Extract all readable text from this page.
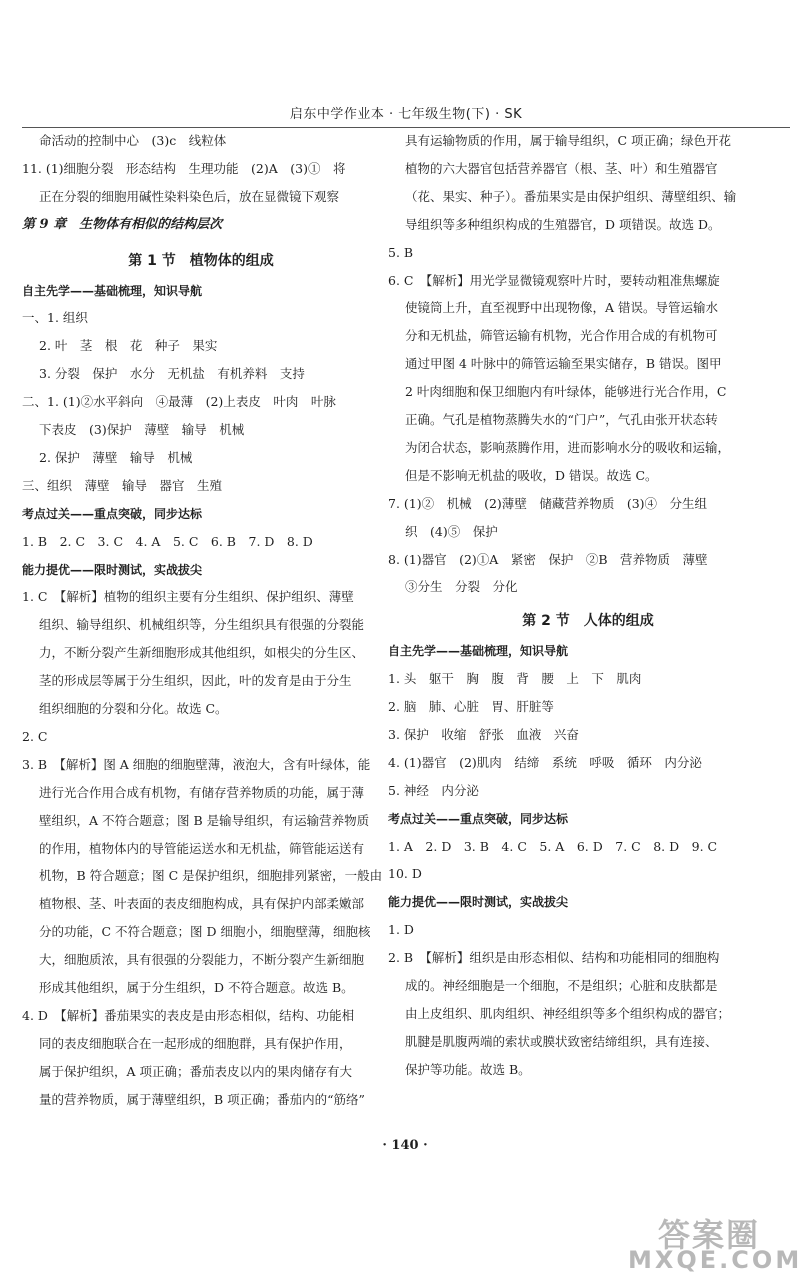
启东中学作业本 · 七年级生物(下) · SK
命活动的控制中心　(3)c　线粒体
11. (1)细胞分裂　形态结构　生理功能　(2)A　(3)①　将
正在分裂的细胞用碱性染料染色后，放在显微镜下观察
第 9 章　生物体有相似的结构层次
第 1 节　植物体的组成
自主先学——基础梳理，知识导航
一、1. 组织
2. 叶　茎　根　花　种子　果实
3. 分裂　保护　水分　无机盐　有机养料　支持
二、1. (1)②水平斜向　④最薄　(2)上表皮　叶肉　叶脉
下表皮　(3)保护　薄壁　输导　机械
2. 保护　薄壁　输导　机械
三、组织　薄壁　输导　器官　生殖
考点过关——重点突破，同步达标
1. B　2. C　3. C　4. A　5. C　6. B　7. D　8. D
能力提优——限时测试，实战拔尖
1. C　【解析】植物的组织主要有分生组织、保护组织、薄壁
组织、输导组织、机械组织等，分生组织具有很强的分裂能
力，不断分裂产生新细胞形成其他组织，如根尖的分生区、
茎的形成层等属于分生组织，因此，叶的发育是由于分生
组织细胞的分裂和分化。故选 C。
2. C
3. B　【解析】图 A 细胞的细胞壁薄，液泡大，含有叶绿体，能
进行光合作用合成有机物，有储存营养物质的功能，属于薄
壁组织，A 不符合题意；图 B 是输导组织，有运输营养物质
的作用，植物体内的导管能运送水和无机盐，筛管能运送有
机物，B 符合题意；图 C 是保护组织，细胞排列紧密，一般由
植物根、茎、叶表面的表皮细胞构成，具有保护内部柔嫩部
分的功能，C 不符合题意；图 D 细胞小，细胞壁薄，细胞核
大，细胞质浓，具有很强的分裂能力，不断分裂产生新细胞
形成其他组织，属于分生组织，D 不符合题意。故选 B。
4. D　【解析】番茄果实的表皮是由形态相似，结构、功能相
同的表皮细胞联合在一起形成的细胞群，具有保护作用，
属于保护组织，A 项正确；番茄表皮以内的果肉储存有大
量的营养物质，属于薄壁组织，B 项正确；番茄内的“筋络”
具有运输物质的作用，属于输导组织，C 项正确；绿色开花
植物的六大器官包括营养器官（根、茎、叶）和生殖器官
（花、果实、种子）。番茄果实是由保护组织、薄壁组织、输
导组织等多种组织构成的生殖器官，D 项错误。故选 D。
5. B
6. C　【解析】用光学显微镜观察叶片时，要转动粗准焦螺旋
使镜筒上升，直至视野中出现物像，A 错误。导管运输水
分和无机盐，筛管运输有机物，光合作用合成的有机物可
通过甲图 4 叶脉中的筛管运输至果实储存，B 错误。图甲
2 叶肉细胞和保卫细胞内有叶绿体，能够进行光合作用，C
正确。气孔是植物蒸腾失水的“门户”，气孔由张开状态转
为闭合状态，影响蒸腾作用，进而影响水分的吸收和运输，
但是不影响无机盐的吸收，D 错误。故选 C。
7. (1)②　机械　(2)薄壁　储藏营养物质　(3)④　分生组
织　(4)⑤　保护
8. (1)器官　(2)①A　紧密　保护　②B　营养物质　薄壁
③分生　分裂　分化
第 2 节　人体的组成
自主先学——基础梳理，知识导航
1. 头　躯干　胸　腹　背　腰　上　下　肌肉
2. 脑　肺、心脏　胃、肝脏等
3. 保护　收缩　舒张　血液　兴奋
4. (1)器官　(2)肌肉　结缔　系统　呼吸　循环　内分泌
5. 神经　内分泌
考点过关——重点突破，同步达标
1. A　2. D　3. B　4. C　5. A　6. D　7. C　8. D　9. C
10. D
能力提优——限时测试，实战拔尖
1. D
2. B　【解析】组织是由形态相似、结构和功能相同的细胞构
成的。神经细胞是一个细胞，不是组织；心脏和皮肤都是
由上皮组织、肌肉组织、神经组织等多个组织构成的器官；
肌腱是肌腹两端的索状或膜状致密结缔组织，具有连接、
保护等功能。故选 B。
· 140 ·
答案圈
MXQE.COM
